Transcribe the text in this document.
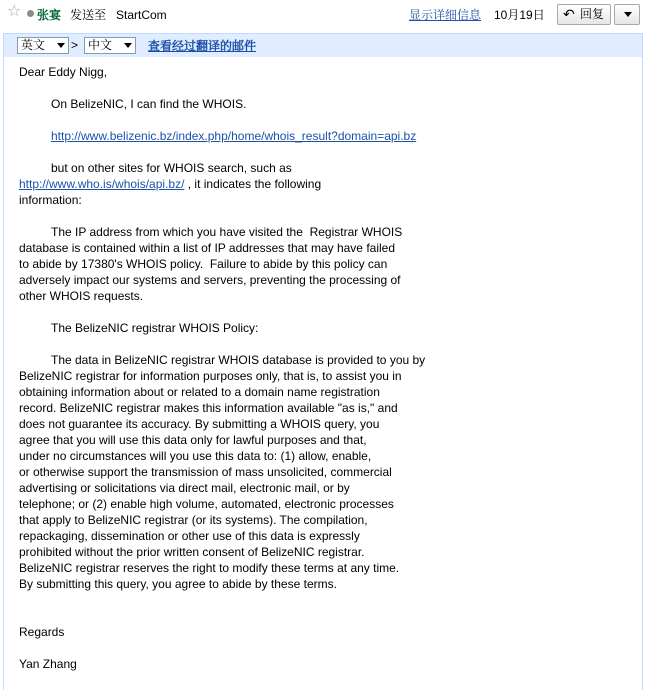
☆ 张宴 发送至 StartCom	显示详细信息 10月19日 ↶ 回复
英文 > 中文	查看经过翻译的邮件

Dear Eddy Nigg,

On BelizeNIC, I can find the WHOIS.

http://www.belizenic.bz/index.php/home/whois_result?domain=api.bz

but on other sites for WHOIS search, such as

http://www.who.is/whois/api.bz/ , it indicates the following

information:

The IP address from which you have visited the  Registrar WHOIS

database is contained within a list of IP addresses that may have failed

to abide by 17380's WHOIS policy.  Failure to abide by this policy can

adversely impact our systems and servers, preventing the processing of

other WHOIS requests.

The BelizeNIC registrar WHOIS Policy:

The data in BelizeNIC registrar WHOIS database is provided to you by

BelizeNIC registrar for information purposes only, that is, to assist you in

obtaining information about or related to a domain name registration

record. BelizeNIC registrar makes this information available "as is," and

does not guarantee its accuracy. By submitting a WHOIS query, you

agree that you will use this data only for lawful purposes and that,

under no circumstances will you use this data to: (1) allow, enable,

or otherwise support the transmission of mass unsolicited, commercial

advertising or solicitations via direct mail, electronic mail, or by

telephone; or (2) enable high volume, automated, electronic processes

that apply to BelizeNIC registrar (or its systems). The compilation,

repackaging, dissemination or other use of this data is expressly

prohibited without the prior written consent of BelizeNIC registrar.

BelizeNIC registrar reserves the right to modify these terms at any time.

By submitting this query, you agree to abide by these terms.

Regards

Yan Zhang
